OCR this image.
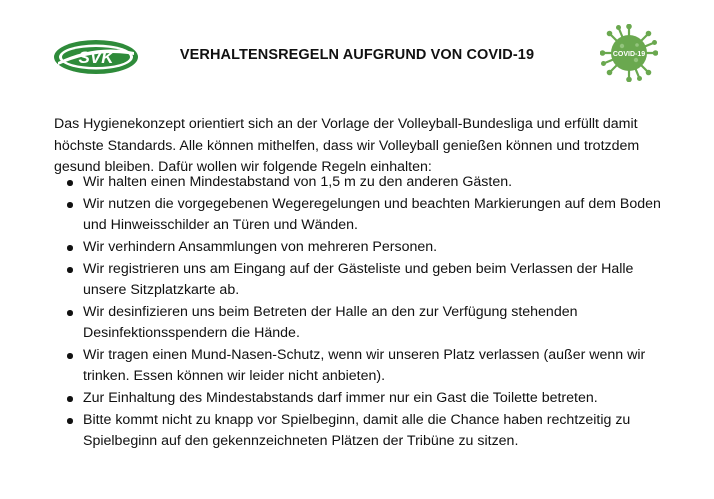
SVK	VERHALTENSREGELN AUFGRUND VON COVID-19	COVID-19

Das Hygienekonzept orientiert sich an der Vorlage der Volleyball-Bundesliga und erfüllt damit höchste Standards. Alle können mithelfen, dass wir Volleyball genießen können und trotzdem gesund bleiben. Dafür wollen wir folgende Regeln einhalten:

Wir halten einen Mindestabstand von 1,5 m zu den anderen Gästen.
Wir nutzen die vorgegebenen Wegeregelungen und beachten Markierungen auf dem Boden und Hinweisschilder an Türen und Wänden.
Wir verhindern Ansammlungen von mehreren Personen.
Wir registrieren uns am Eingang auf der Gästeliste und geben beim Verlassen der Halle unsere Sitzplatzkarte ab.
Wir desinfizieren uns beim Betreten der Halle an den zur Verfügung stehenden Desinfektionsspendern die Hände.
Wir tragen einen Mund-Nasen-Schutz, wenn wir unseren Platz verlassen (außer wenn wir trinken. Essen können wir leider nicht anbieten).
Zur Einhaltung des Mindestabstands darf immer nur ein Gast die Toilette betreten.
Bitte kommt nicht zu knapp vor Spielbeginn, damit alle die Chance haben rechtzeitig zu Spielbeginn auf den gekennzeichneten Plätzen der Tribüne zu sitzen.
